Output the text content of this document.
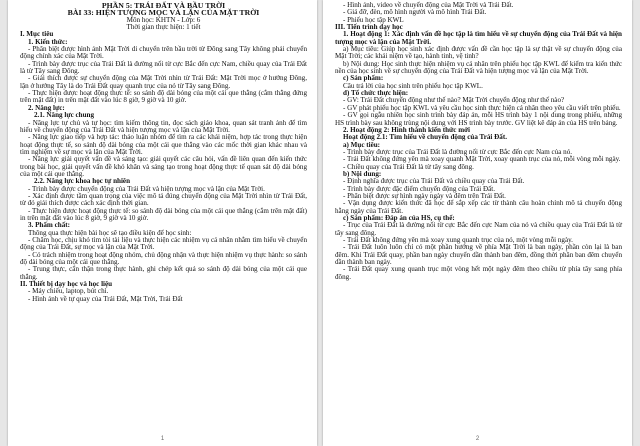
PHẦN 5: TRÁI ĐẤT VÀ BẦU TRỜI

BÀI 33: HIỆN TƯỢNG MỌC VÀ LẶN CỦA MẶT TRỜI

Môn học: KHTN - Lớp: 6

Thời gian thực hiện: 1 tiết

I. Mục tiêu

1. Kiến thức:

- Phân biệt được hình ảnh Mặt Trời di chuyển trên bầu trời từ Đông sang Tây không phải chuyển động chính xác của Mặt Trời.

- Trình bày được trục của Trái Đất là đường nối từ cực Bắc đến cực Nam, chiều quay của Trái Đất là từ Tây sang Đông.

- Giải thích được sự chuyển động của Mặt Trời nhìn từ Trái Đất: Mặt Trời mọc ở hướng Đông, lặn ở hướng Tây là do Trái Đất quay quanh trục của nó từ Tây sang Đông.

- Thực hiện được hoạt động thực tế: so sánh độ dài bóng của một cái que thẳng (cắm thẳng đứng trên mặt đất) in trên mặt đất vào lúc 8 giờ, 9 giờ và 10 giờ.

2. Năng lực:

2.1. Năng lực chung

- Năng lực tự chủ và tự học: tìm kiếm thông tin, đọc sách giáo khoa, quan sát tranh ảnh để tìm hiểu về chuyển động của Trái Đất và hiện tượng mọc và lặn của Mặt Trời.

- Năng lực giao tiếp và hợp tác: thảo luận nhóm để tìm ra các khái niệm, hợp tác trong thực hiện hoạt động thực tế, so sánh độ dài bóng của một cái que thẳng vào các mốc thời gian khác nhau và tìm nghiệm về sự mọc và lặn của Mặt Trời.

- Năng lực giải quyết vấn đề và sáng tạo: giải quyết các câu hỏi, vấn đề liên quan đến kiến thức trong bài học, giải quyết vấn đề khó khăn và sáng tạo trong hoạt động thực tế quan sát độ dài bóng của một cái que thẳng.

2.2. Năng lực khoa học tự nhiên

- Trình bày được chuyển động của Trái Đất và hiện tượng mọc và lặn của Mặt Trời.

- Xác định được tầm quan trọng của việc mô tả đúng chuyển động của Mặt Trời nhìn từ Trái Đất, từ đó giải thích được cách xác định thời gian.

- Thực hiện được hoạt động thực tế: so sánh độ dài bóng của một cái que thẳng (cắm trên mặt đất) in trên mặt đất vào lúc 8 giờ, 9 giờ và 10 giờ.

3. Phẩm chất:

Thông qua thực hiện bài học sẽ tạo điều kiện để học sinh:

- Chăm học, chịu khó tìm tòi tài liệu và thực hiện các nhiệm vụ cá nhân nhằm tìm hiểu về chuyển động của Trái Đất, sự mọc và lặn của Mặt Trời.

- Có trách nhiệm trong hoạt động nhóm, chủ động nhận và thực hiện nhiệm vụ thực hành: so sánh độ dài bóng của một cái que thẳng.

- Trung thực, cẩn thận trong thực hành, ghi chép kết quả so sánh độ dài bóng của một cái que thẳng.

II. Thiết bị dạy học và học liệu

- Máy chiếu, laptop, bút chì.

- Hình ảnh về tự quay của Trái Đất, Mặt Trời, Trái Đất

1

- Hình ảnh, video về chuyển động của Mặt Trời và Trái Đất.

- Giá đỡ, đèn, mô hình người và mô hình Trái Đất.

- Phiếu học tập KWL

III. Tiến trình dạy học

1. Hoạt động 1: Xác định vấn đề học tập là tìm hiểu về sự chuyển động của Trái Đất và hiện tượng mọc và lặn của Mặt Trời.

a) Mục tiêu: Giúp học sinh xác định được vấn đề cần học tập là sự thật về sự chuyển động của Mặt Trời; các khái niệm về tạo, hành tinh, vệ tinh?

b) Nội dung: Học sinh thực hiện nhiệm vụ cá nhân trên phiếu học tập KWL để kiểm tra kiến thức nền của học sinh về sự chuyển động của Trái Đất và hiện tượng mọc và lặn của Mặt Trời.

c) Sản phẩm:

Câu trả lời của học sinh trên phiếu học tập KWL.

d) Tổ chức thực hiện:

- GV: Trái Đất chuyển động như thế nào? Mặt Trời chuyển động như thế nào?

- GV phát phiếu học tập KWL và yêu cầu học sinh thực hiện cá nhân theo yêu cầu viết trên phiếu.

- GV gọi ngẫu nhiên học sinh trình bày đáp án, mỗi HS trình bày 1 nội dung trong phiếu, những HS trình bày sau không trùng nội dung với HS trình bày trước. GV liệt kê đáp án của HS trên bảng.

2. Hoạt động 2: Hình thành kiến thức mới

Hoạt động 2.1: Tìm hiểu về chuyển động của Trái Đất.

a) Mục tiêu:

- Trình bày được trục của Trái Đất là đường nối từ cực Bắc đến cực Nam của nó.

- Trái Đất không đứng yên mà xoay quanh Mặt Trời, xoay quanh trục của nó, mỗi vòng mỗi ngày.

- Chiều quay của Trái Đất là từ tây sang đông.

b) Nội dung:

- Định nghĩa được trục của Trái Đất và chiều quay của Trái Đất.

- Trình bày được đặc điểm chuyển động của Trái Đất.

- Phân biệt được sự hình ngày ngày và đêm trên Trái Đất.

- Vận dụng được kiến thức đã học để sắp xếp các từ thành câu hoàn chỉnh mô tả chuyển động hằng ngày của Trái Đất.

c) Sản phẩm: Đáp án của HS, cụ thể:

- Trục của Trái Đất là đường nối từ cực Bắc đến cực Nam của nó và chiều quay của Trái Đất là từ tây sang đông.

- Trái Đất không đứng yên mà xoay xung quanh trục của nó, một vòng mỗi ngày.

- Trái Đất luôn luôn chỉ có một phần hướng về phía Mặt Trời là ban ngày, phần còn lại là ban đêm. Khi Trái Đất quay, phần ban ngày chuyển dần thành ban đêm, đồng thời phần ban đêm chuyển dần thành ban ngày.

- Trái Đất quay xung quanh trục một vòng hết một ngày đêm theo chiều từ phía tây sang phía đông.

2
